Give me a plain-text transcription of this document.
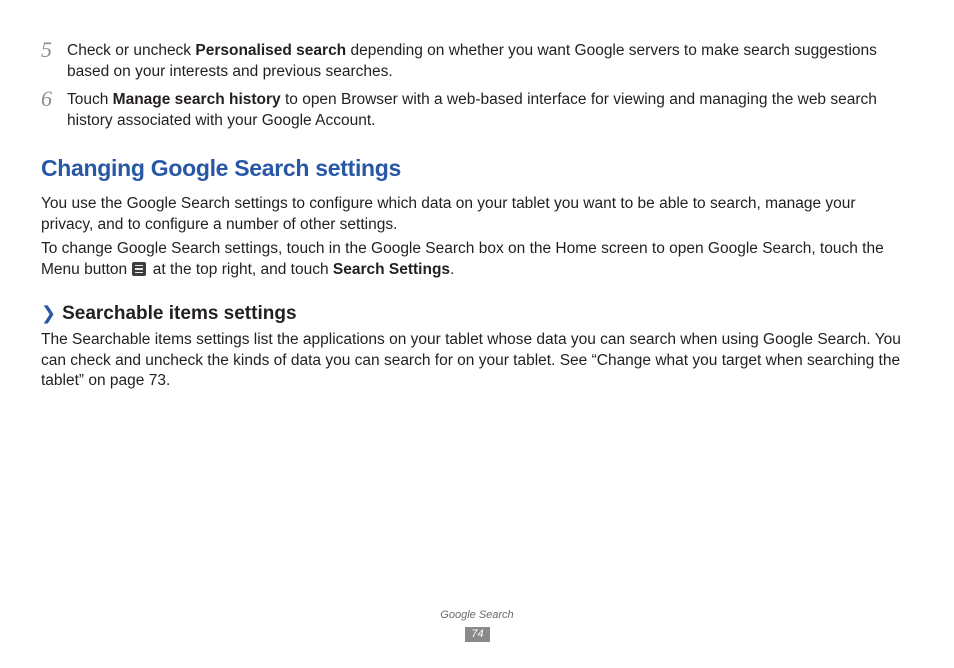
5 Check or uncheck Personalised search depending on whether you want Google servers to make search suggestions based on your interests and previous searches.
6 Touch Manage search history to open Browser with a web-based interface for viewing and managing the web search history associated with your Google Account.
Changing Google Search settings
You use the Google Search settings to configure which data on your tablet you want to be able to search, manage your privacy, and to configure a number of other settings.
To change Google Search settings, touch in the Google Search box on the Home screen to open Google Search, touch the Menu button
at the top right, and touch Search Settings.
❯ Searchable items settings
The Searchable items settings list the applications on your tablet whose data you can search when using Google Search. You can check and uncheck the kinds of data you can search for on your tablet. See “Change what you target when searching the tablet” on page 73.
Google Search
74
